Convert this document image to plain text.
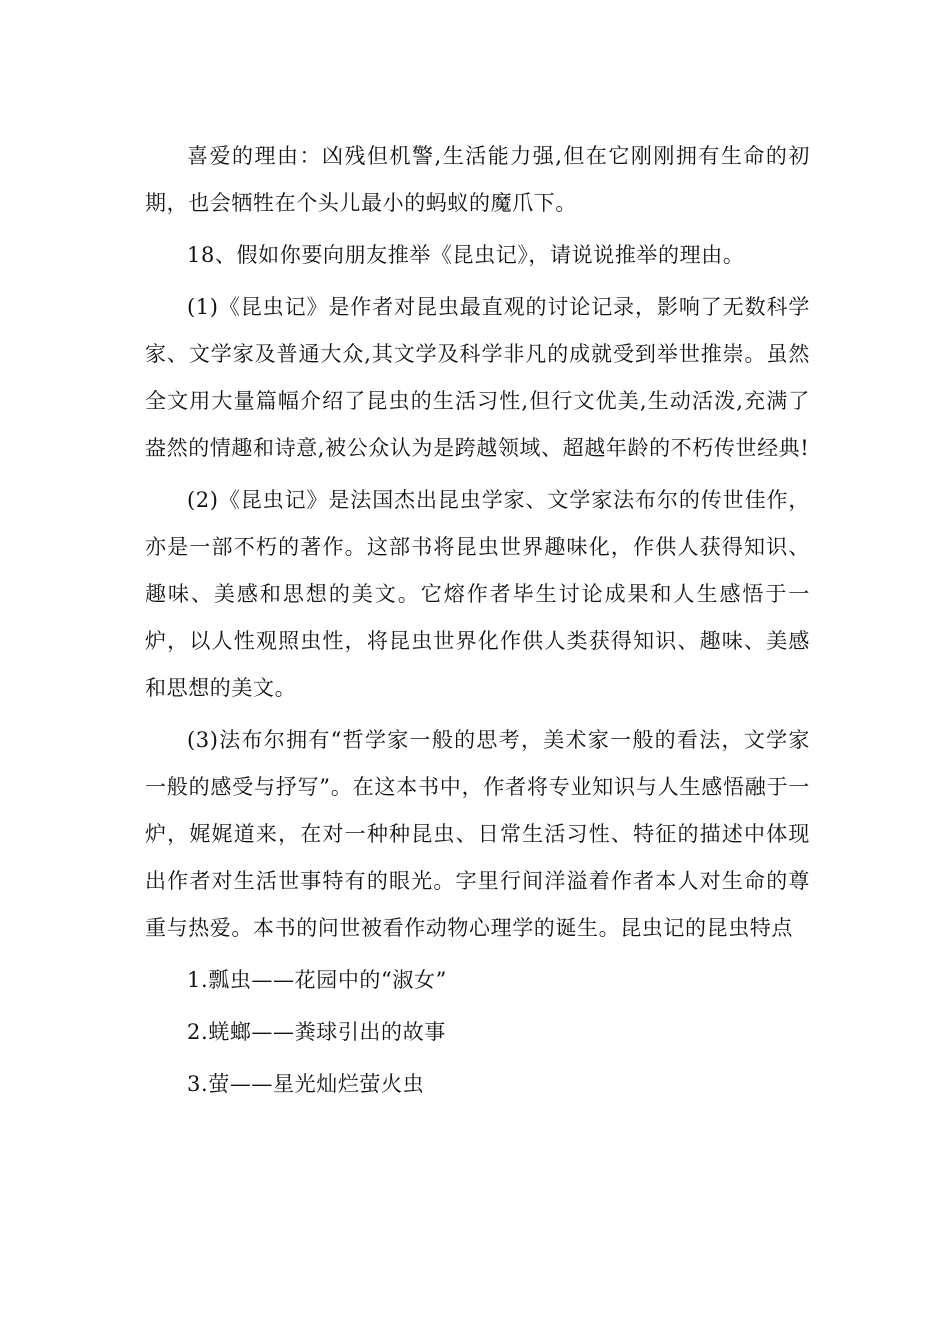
喜爱的理由：凶残但机警,生活能力强,但在它刚刚拥有生命的初期，也会牺牲在个头儿最小的蚂蚁的魔爪下。

18、假如你要向朋友推举《昆虫记》，请说说推举的理由。

(1)《昆虫记》是作者对昆虫最直观的讨论记录，影响了无数科学家、文学家及普通大众,其文学及科学非凡的成就受到举世推崇。虽然全文用大量篇幅介绍了昆虫的生活习性,但行文优美,生动活泼,充满了盎然的情趣和诗意,被公众认为是跨越领域、超越年龄的不朽传世经典!

(2)《昆虫记》是法国杰出昆虫学家、文学家法布尔的传世佳作，亦是一部不朽的著作。这部书将昆虫世界趣味化，作供人获得知识、趣味、美感和思想的美文。它熔作者毕生讨论成果和人生感悟于一炉，以人性观照虫性，将昆虫世界化作供人类获得知识、趣味、美感和思想的美文。

(3)法布尔拥有“哲学家一般的思考，美术家一般的看法，文学家一般的感受与抒写”。在这本书中，作者将专业知识与人生感悟融于一炉，娓娓道来，在对一种种昆虫、日常生活习性、特征的描述中体现出作者对生活世事特有的眼光。字里行间洋溢着作者本人对生命的尊重与热爱。本书的问世被看作动物心理学的诞生。昆虫记的昆虫特点

1.瓢虫——花园中的“淑女”

2.蜣螂——粪球引出的故事

3.萤——星光灿烂萤火虫
